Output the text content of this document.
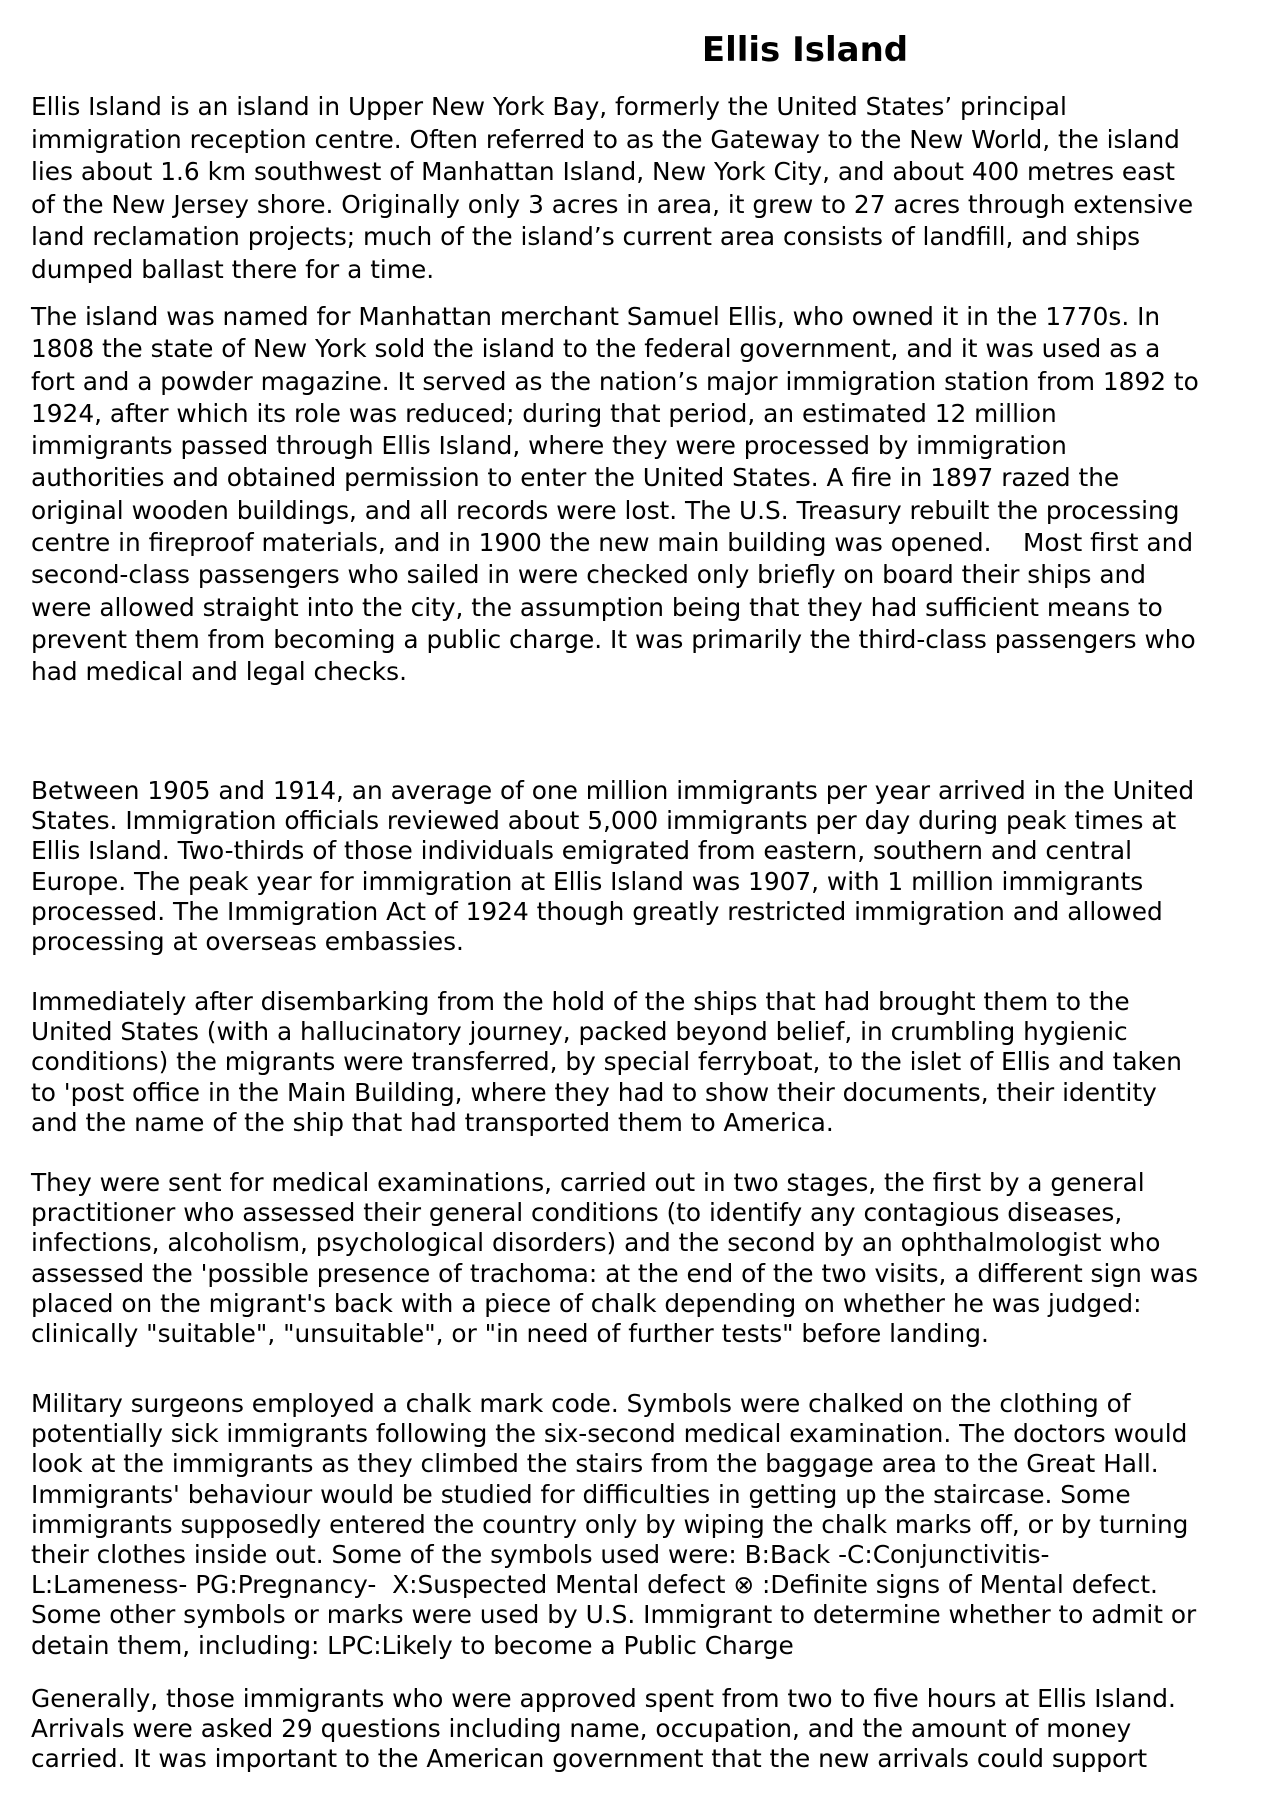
Ellis Island

Ellis Island is an island in Upper New York Bay, formerly the United States’ principal
immigration reception centre. Often referred to as the Gateway to the New World, the island
lies about 1.6 km southwest of Manhattan Island, New York City, and about 400 metres east
of the New Jersey shore. Originally only 3 acres in area, it grew to 27 acres through extensive
land reclamation projects; much of the island’s current area consists of landfill, and ships
dumped ballast there for a time.

The island was named for Manhattan merchant Samuel Ellis, who owned it in the 1770s. In
1808 the state of New York sold the island to the federal government, and it was used as a
fort and a powder magazine. It served as the nation’s major immigration station from 1892 to
1924, after which its role was reduced; during that period, an estimated 12 million
immigrants passed through Ellis Island, where they were processed by immigration
authorities and obtained permission to enter the United States. A fire in 1897 razed the
original wooden buildings, and all records were lost. The U.S. Treasury rebuilt the processing
centre in fireproof materials, and in 1900 the new main building was opened.    Most first and
second-class passengers who sailed in were checked only briefly on board their ships and
were allowed straight into the city, the assumption being that they had sufficient means to
prevent them from becoming a public charge. It was primarily the third-class passengers who
had medical and legal checks.

Between 1905 and 1914, an average of one million immigrants per year arrived in the United
States. Immigration officials reviewed about 5,000 immigrants per day during peak times at
Ellis Island. Two-thirds of those individuals emigrated from eastern, southern and central
Europe. The peak year for immigration at Ellis Island was 1907, with 1 million immigrants
processed. The Immigration Act of 1924 though greatly restricted immigration and allowed
processing at overseas embassies.

Immediately after disembarking from the hold of the ships that had brought them to the
United States (with a hallucinatory journey, packed beyond belief, in crumbling hygienic
conditions) the migrants were transferred, by special ferryboat, to the islet of Ellis and taken
to 'post office in the Main Building, where they had to show their documents, their identity
and the name of the ship that had transported them to America.

They were sent for medical examinations, carried out in two stages, the first by a general
practitioner who assessed their general conditions (to identify any contagious diseases,
infections, alcoholism, psychological disorders) and the second by an ophthalmologist who
assessed the 'possible presence of trachoma: at the end of the two visits, a different sign was
placed on the migrant's back with a piece of chalk depending on whether he was judged:
clinically "suitable", "unsuitable", or "in need of further tests" before landing.

Military surgeons employed a chalk mark code. Symbols were chalked on the clothing of
potentially sick immigrants following the six-second medical examination. The doctors would
look at the immigrants as they climbed the stairs from the baggage area to the Great Hall.
Immigrants' behaviour would be studied for difficulties in getting up the staircase. Some
immigrants supposedly entered the country only by wiping the chalk marks off, or by turning
their clothes inside out. Some of the symbols used were: B:Back -C:Conjunctivitis-
L:Lameness- PG:Pregnancy-  X:Suspected Mental defect ⊗ :Definite signs of Mental defect.
Some other symbols or marks were used by U.S. Immigrant to determine whether to admit or
detain them, including: LPC:Likely to become a Public Charge

Generally, those immigrants who were approved spent from two to five hours at Ellis Island.
Arrivals were asked 29 questions including name, occupation, and the amount of money
carried. It was important to the American government that the new arrivals could support
